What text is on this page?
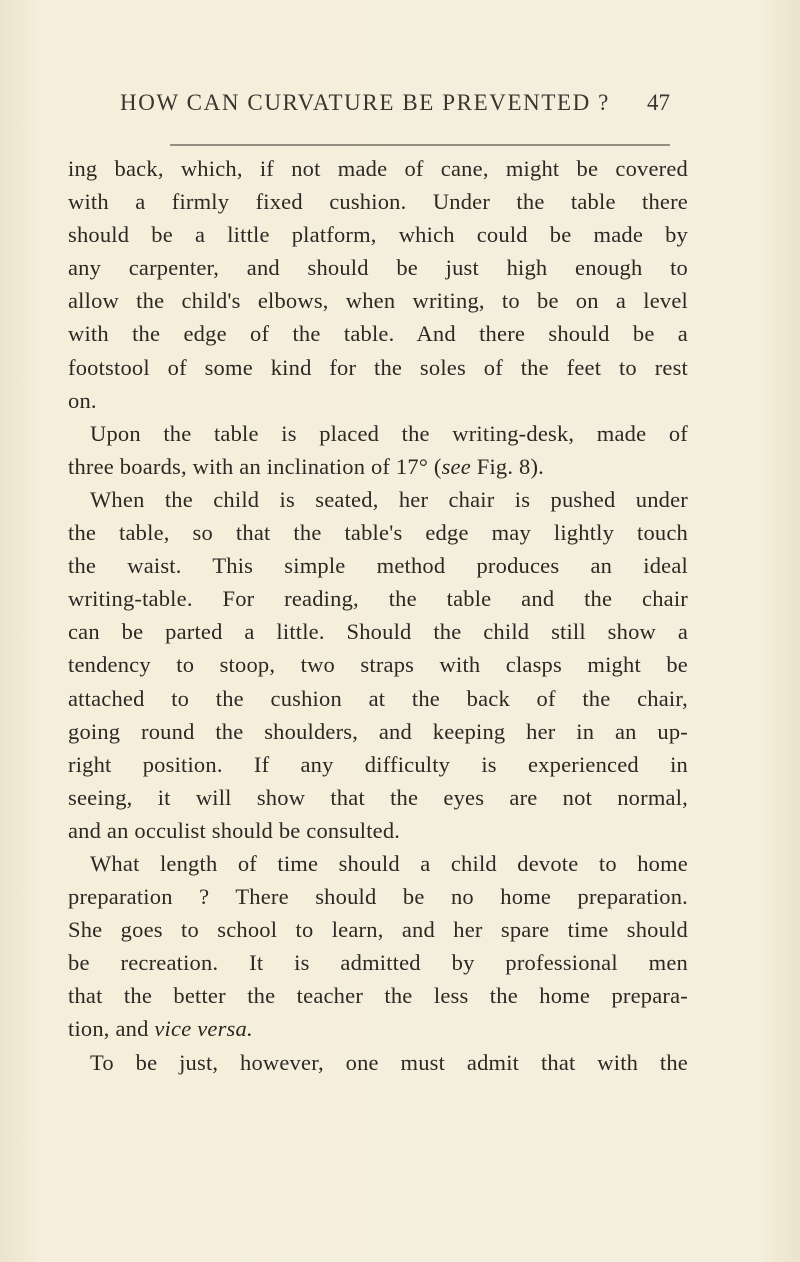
HOW CAN CURVATURE BE PREVENTED ? 47
ing back, which, if not made of cane, might be covered
with a firmly fixed cushion. Under the table there
should be a little platform, which could be made by
any carpenter, and should be just high enough to
allow the child's elbows, when writing, to be on a level
with the edge of the table. And there should be a
footstool of some kind for the soles of the feet to rest
on.
Upon the table is placed the writing-desk, made of
three boards, with an inclination of 17° (see Fig. 8).
When the child is seated, her chair is pushed under
the table, so that the table's edge may lightly touch
the waist. This simple method produces an ideal
writing-table. For reading, the table and the chair
can be parted a little. Should the child still show a
tendency to stoop, two straps with clasps might be
attached to the cushion at the back of the chair,
going round the shoulders, and keeping her in an up-
right position. If any difficulty is experienced in
seeing, it will show that the eyes are not normal,
and an occulist should be consulted.
What length of time should a child devote to home
preparation ? There should be no home preparation.
She goes to school to learn, and her spare time should
be recreation. It is admitted by professional men
that the better the teacher the less the home prepara-
tion, and vice versa.
To be just, however, one must admit that with the
